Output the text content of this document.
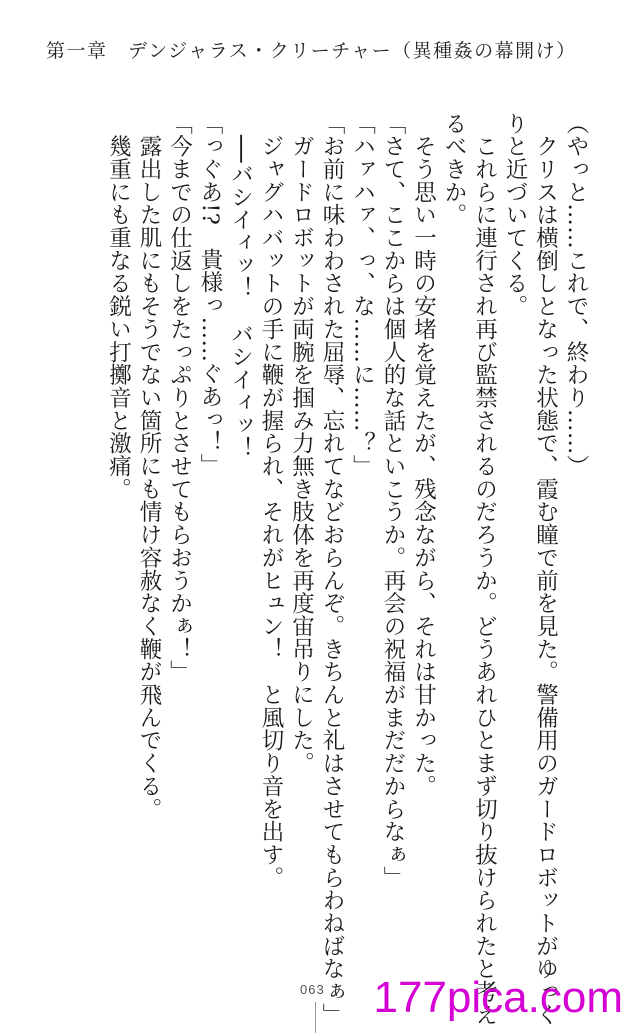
第一章　デンジャラス・クリーチャー（異種姦の幕開け）

（やっと……これで、終わり……）

　クリスは横倒しとなった状態で、霞む瞳で前を見た。警備用のガードロボットがゆっく

りと近づいてくる。

　これらに連行され再び監禁されるのだろうか。どうあれひとまず切り抜けられたと考え

るべきか。

　そう思い一時の安堵を覚えたが、残念ながら、それは甘かった。

「さて、ここからは個人的な話といこうか。再会の祝福がまだだからなぁ」

「ハァハァ、っ、な……に……？」

「お前に味わわされた屈辱、忘れてなどおらんぞ。きちんと礼はさせてもらわねばなぁ」

　ガードロボットが両腕を掴み力無き肢体を再度宙吊りにした。

　ジャグハバットの手に鞭が握られ、それがヒュン！　と風切り音を出す。

　──バシイィッ！　バシイィッ！

「っぐあ!?　貴様っ……ぐあっ！」

「今までの仕返しをたっぷりとさせてもらおうかぁ！」

　露出した肌にもそうでない箇所にも情け容赦なく鞭が飛んでくる。

　幾重にも重なる鋭い打擲音と激痛。

063 177pica.com
